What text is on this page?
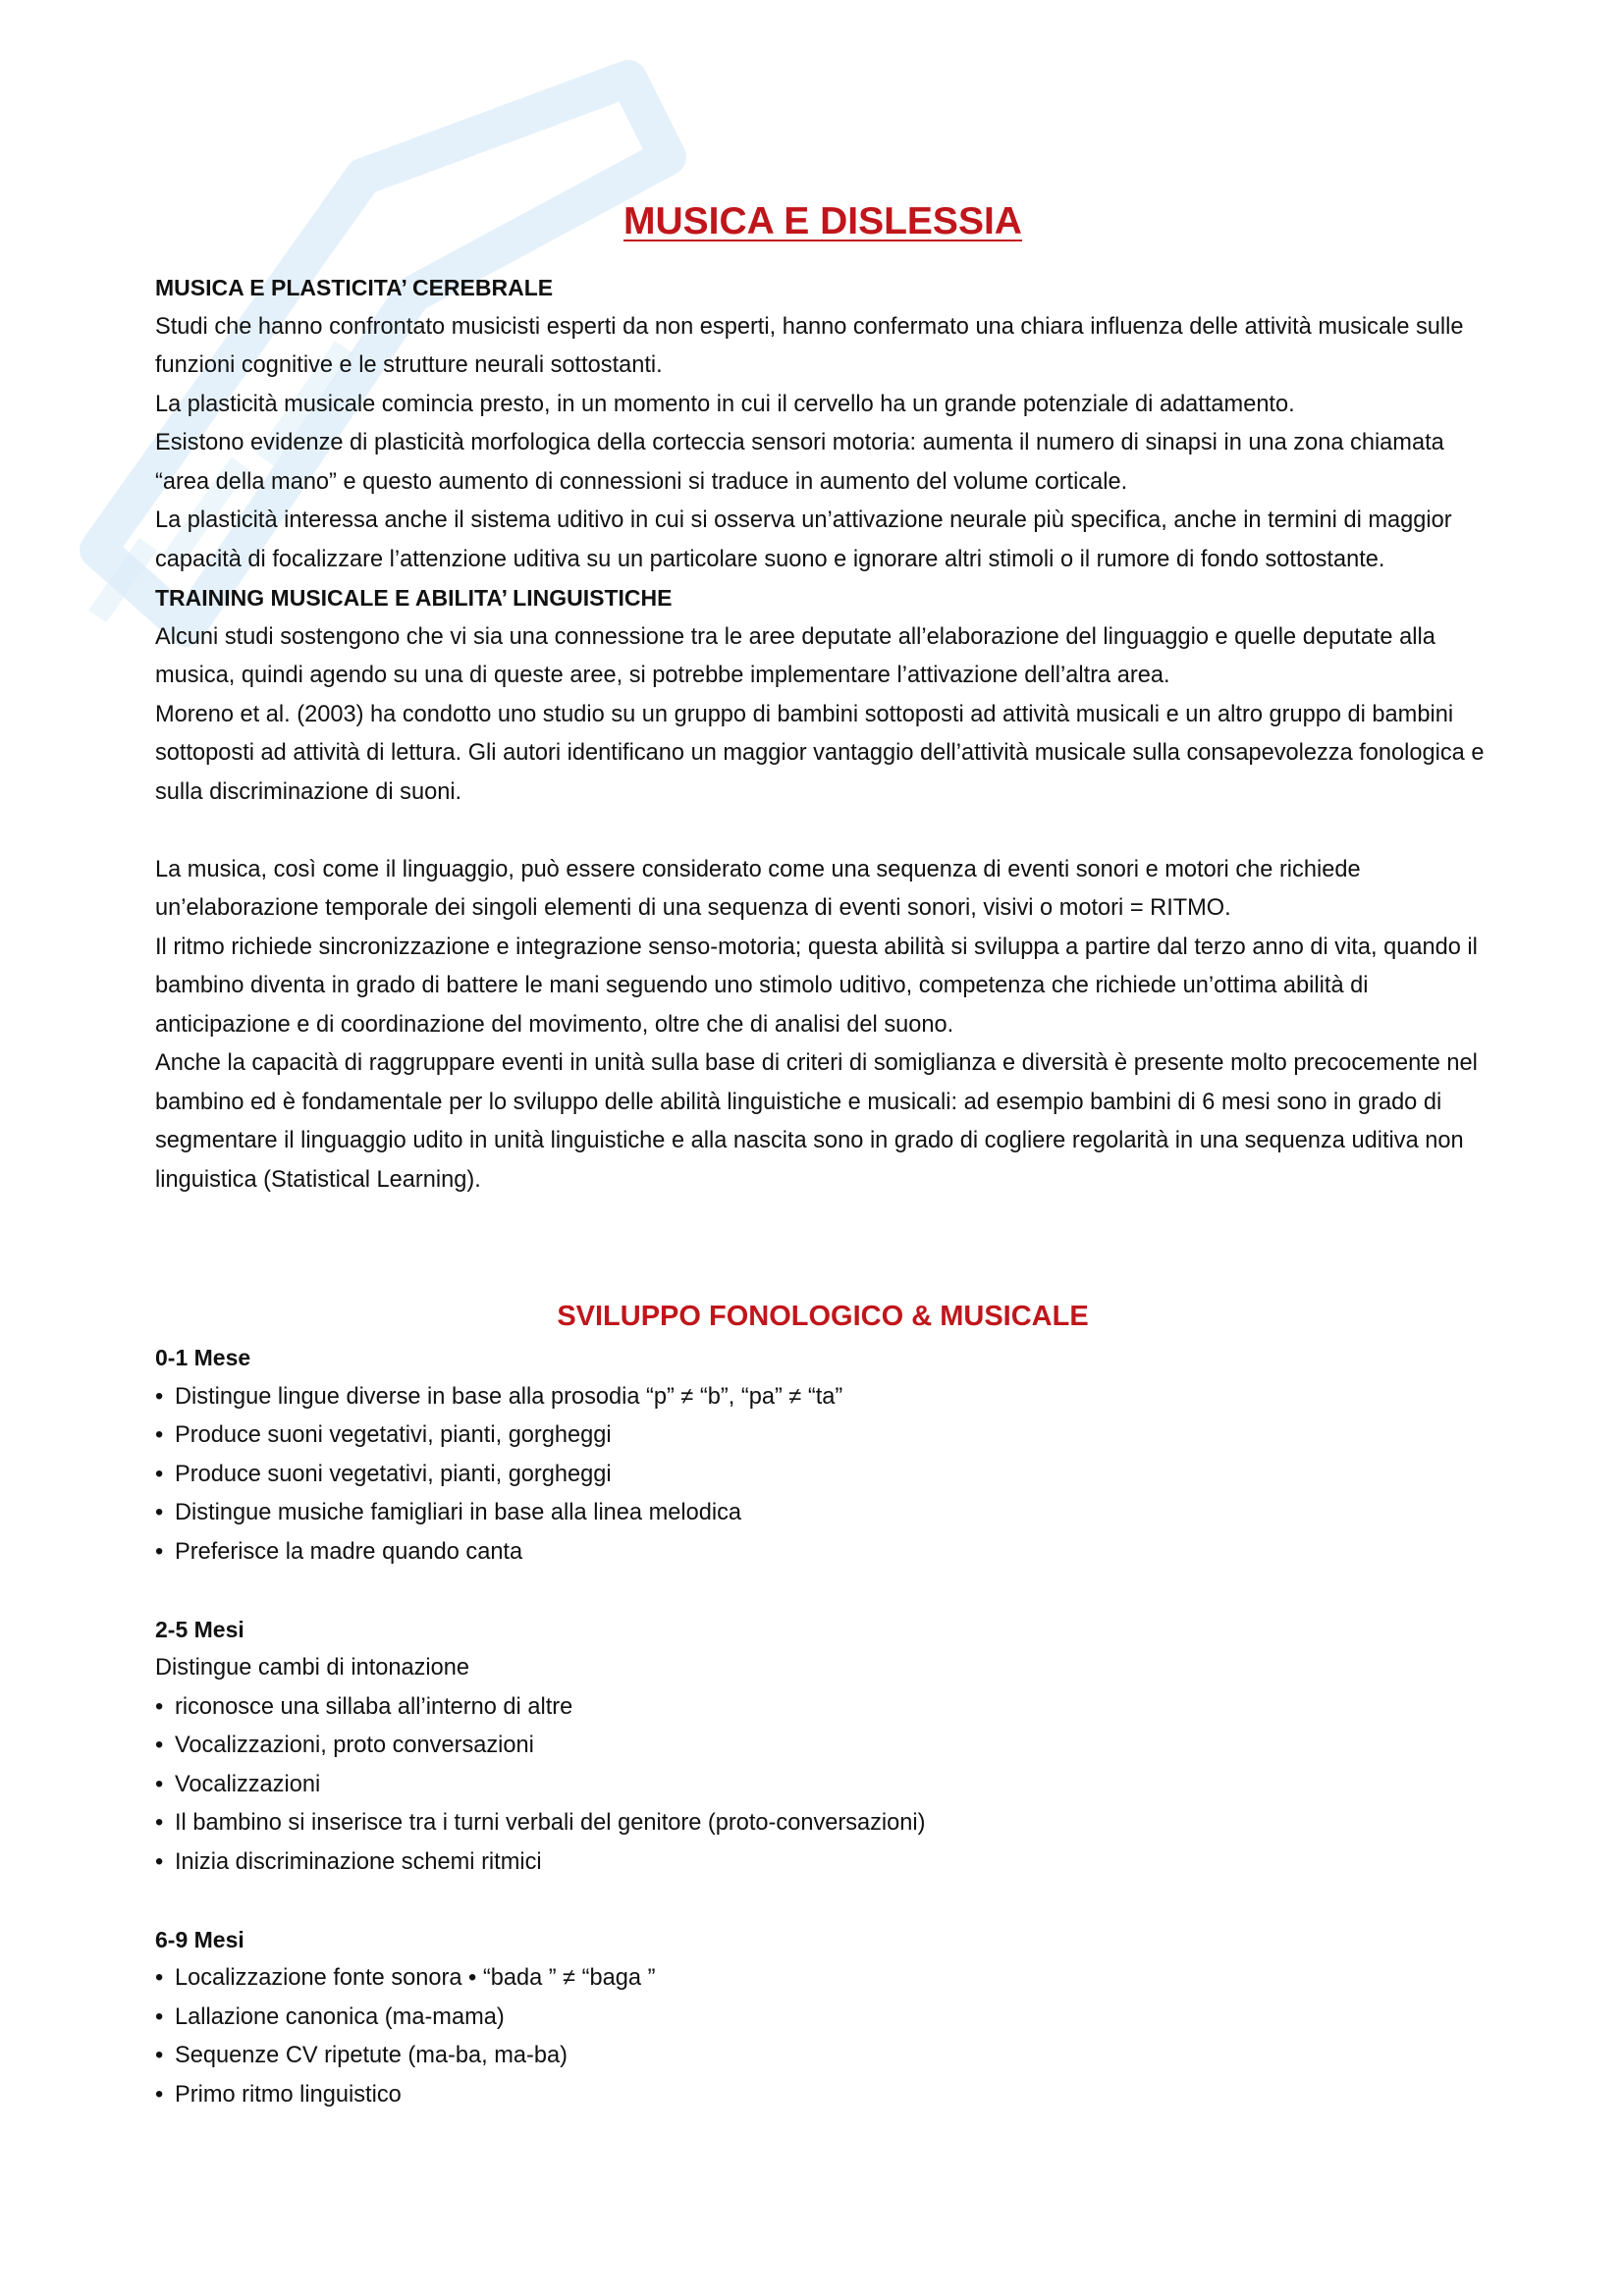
MUSICA E DISLESSIA

MUSICA E PLASTICITA’ CEREBRALE

Studi che hanno confrontato musicisti esperti da non esperti, hanno confermato una chiara influenza delle attività musicale sulle funzioni cognitive e le strutture neurali sottostanti.

La plasticità musicale comincia presto, in un momento in cui il cervello ha un grande potenziale di adattamento.

Esistono evidenze di plasticità morfologica della corteccia sensori motoria: aumenta il numero di sinapsi in una zona chiamata “area della mano” e questo aumento di connessioni si traduce in aumento del volume corticale.

La plasticità interessa anche il sistema uditivo in cui si osserva un’attivazione neurale più specifica, anche in termini di maggior capacità di focalizzare l’attenzione uditiva su un particolare suono e ignorare altri stimoli o il rumore di fondo sottostante.

TRAINING MUSICALE E ABILITA’ LINGUISTICHE

Alcuni studi sostengono che vi sia una connessione tra le aree deputate all’elaborazione del linguaggio e quelle deputate alla musica, quindi agendo su una di queste aree, si potrebbe implementare l’attivazione dell’altra area.

Moreno et al. (2003) ha condotto uno studio su un gruppo di bambini sottoposti ad attività musicali e un altro gruppo di bambini sottoposti ad attività di lettura. Gli autori identificano un maggior vantaggio dell’attività musicale sulla consapevolezza fonologica e sulla discriminazione di suoni.

La musica, così come il linguaggio, può essere considerato come una sequenza di eventi sonori e motori che richiede un’elaborazione temporale dei singoli elementi di una sequenza di eventi sonori, visivi o motori = RITMO.

Il ritmo richiede sincronizzazione e integrazione senso-motoria; questa abilità si sviluppa a partire dal terzo anno di vita, quando il bambino diventa in grado di battere le mani seguendo uno stimolo uditivo, competenza che richiede un’ottima abilità di anticipazione e di coordinazione del movimento, oltre che di analisi del suono.

Anche la capacità di raggruppare eventi in unità sulla base di criteri di somiglianza e diversità è presente molto precocemente nel bambino ed è fondamentale per lo sviluppo delle abilità linguistiche e musicali: ad esempio bambini di 6 mesi sono in grado di segmentare il linguaggio udito in unità linguistiche e alla nascita sono in grado di cogliere regolarità in una sequenza uditiva non linguistica (Statistical Learning).

SVILUPPO FONOLOGICO & MUSICALE

0-1 Mese

• Distingue lingue diverse in base alla prosodia “p” ≠ “b”, “pa” ≠ “ta”
• Produce suoni vegetativi, pianti, gorgheggi
• Produce suoni vegetativi, pianti, gorgheggi
• Distingue musiche famigliari in base alla linea melodica
• Preferisce la madre quando canta

2-5 Mesi

Distingue cambi di intonazione

• riconosce una sillaba all’interno di altre
• Vocalizzazioni, proto conversazioni
• Vocalizzazioni
• Il bambino si inserisce tra i turni verbali del genitore (proto-conversazioni)
• Inizia discriminazione schemi ritmici

6-9 Mesi

• Localizzazione fonte sonora • “bada ” ≠ “baga ”
• Lallazione canonica (ma-mama)
• Sequenze CV ripetute (ma-ba, ma-ba)
• Primo ritmo linguistico
